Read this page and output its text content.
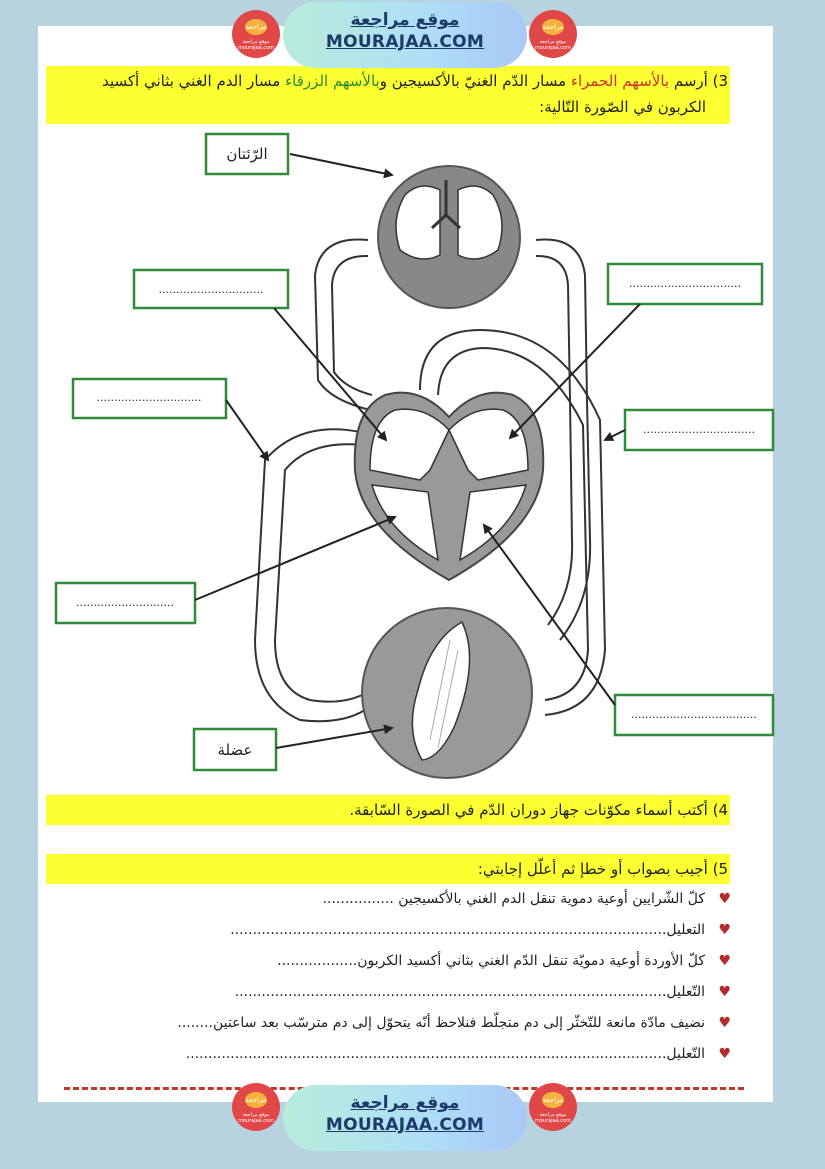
3) أرسم بالأسهم الحمراء مسار الدّم الغنيّ بالأكسيجين وبالأسهم الزرقاء مسار الدم الغني بثاني أكسيد
الكربون في الصّورة التّالية:
4) أكتب أسماء مكوّنات جهاز دوران الدّم في الصورة السّابقة.
5) أجيب بصواب أو خطإ ثم أعلّل إجابتي:
♥
كلّ الشّرايين أوعية دموية تنقل الدم الغني بالأكسيجين ................
♥
التعليل..................................................................................................
♥
كلّ الأوردة أوعية دمويّة تنقل الدّم الغني بثاني أكسيد الكربون..................
♥
التّعليل.................................................................................................
♥
نضيف مادّة مانعة للتّخثّر إلى دم متجلّط فنلاحظ أنّه يتحوّل إلى دم مترسّب بعد ساعتين........
♥
التّعليل............................................................................................................
الرّئتان
..............................
..............................
............................
................................
................................
....................................
عضلة
مراجعة
موقع مراجعة mourajaa.com
موقع مراجعة
MOURAJAA.COM
مراجعة
موقع مراجعة mourajaa.com
مراجعة
موقع مراجعة mourajaa.com
موقع مراجعة
MOURAJAA.COM
مراجعة
موقع مراجعة mourajaa.com
